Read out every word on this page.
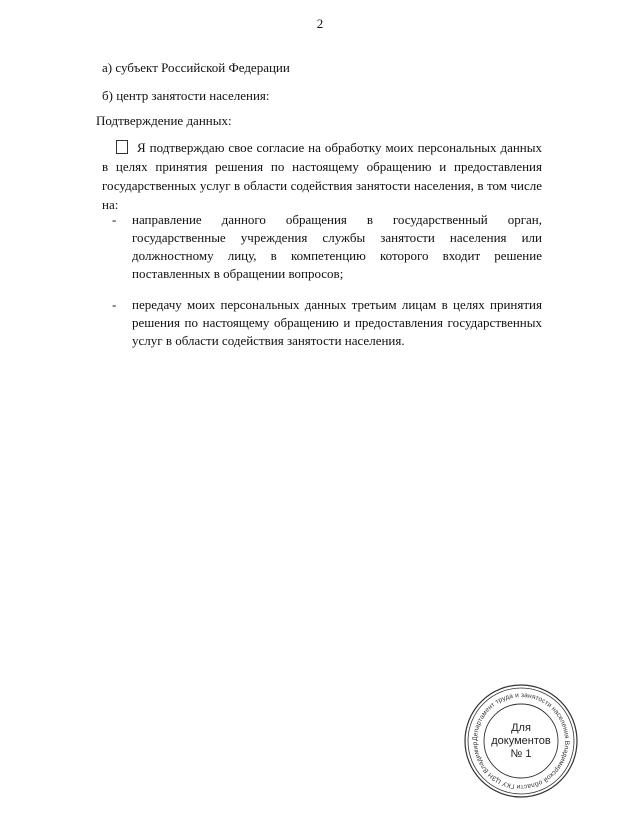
2
а) субъект Российской Федерации
б) центр занятости населения:
Подтверждение данных:
Я подтверждаю свое согласие на обработку моих персональных данных в целях принятия решения по настоящему обращению и предоставления государственных услуг в области содействия занятости населения, в том числе на:
- направление данного обращения в государственный орган, государственные учреждения службы занятости населения или должностному лицу, в компетенцию которого входит решение поставленных в обращении вопросов;
- передачу моих персональных данных третьим лицам в целях принятия решения по настоящему обращению и предоставления государственных услуг в области содействия занятости населения.
Департамент труда и занятости населения Владимирской области ГКУ ЦЗН Владимир
Для
документов
№ 1
